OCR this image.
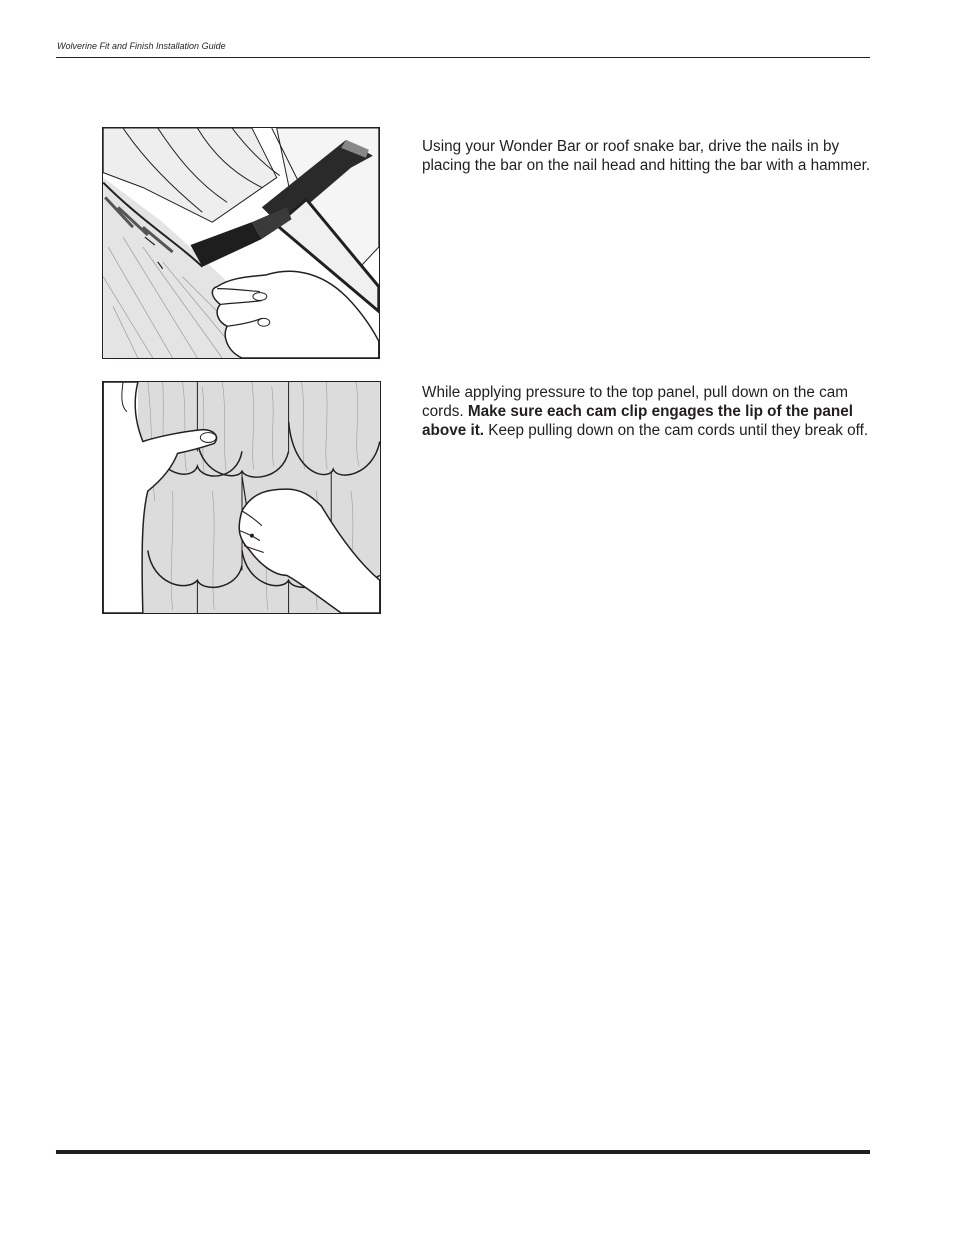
Wolverine Fit and Finish Installation Guide
Using your Wonder Bar or roof snake bar, drive the nails in by placing the bar on the nail head and hitting the bar with a hammer.
While applying pressure to the top panel, pull down on the cam cords. Make sure each cam clip engages the lip of the panel above it. Keep pulling down on the cam cords until they break off.
